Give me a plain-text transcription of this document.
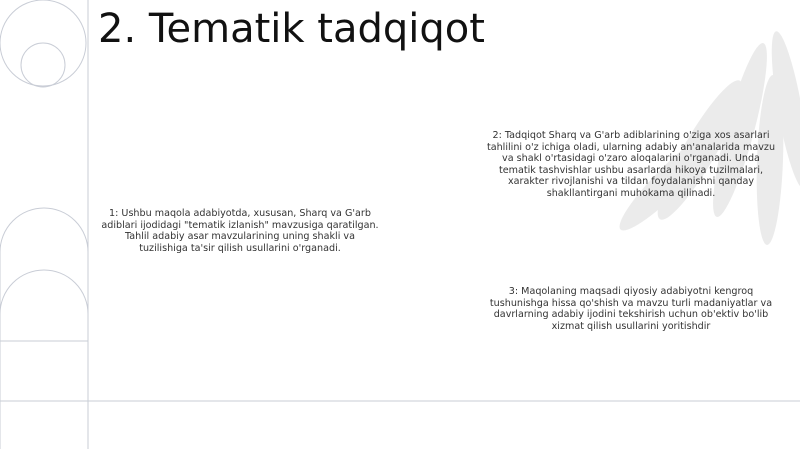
2. Tematik tadqiqot

1: Ushbu maqola adabiyotda, xususan, Sharq va G'arb adiblari ijodidagi "tematik izlanish" mavzusiga qaratilgan. Tahlil adabiy asar mavzularining uning shakli va tuzilishiga ta'sir qilish usullarini o'rganadi.

2: Tadqiqot Sharq va G'arb adiblarining o'ziga xos asarlari tahlilini o'z ichiga oladi, ularning adabiy an'analarida mavzu va shakl o'rtasidagi o'zaro aloqalarini o'rganadi. Unda tematik tashvishlar ushbu asarlarda hikoya tuzilmalari, xarakter rivojlanishi va tildan foydalanishni qanday shakllantirgani muhokama qilinadi.

3: Maqolaning maqsadi qiyosiy adabiyotni kengroq tushunishga hissa qo'shish va mavzu turli madaniyatlar va davrlarning adabiy ijodini tekshirish uchun ob'ektiv bo'lib xizmat qilish usullarini yoritishdir
